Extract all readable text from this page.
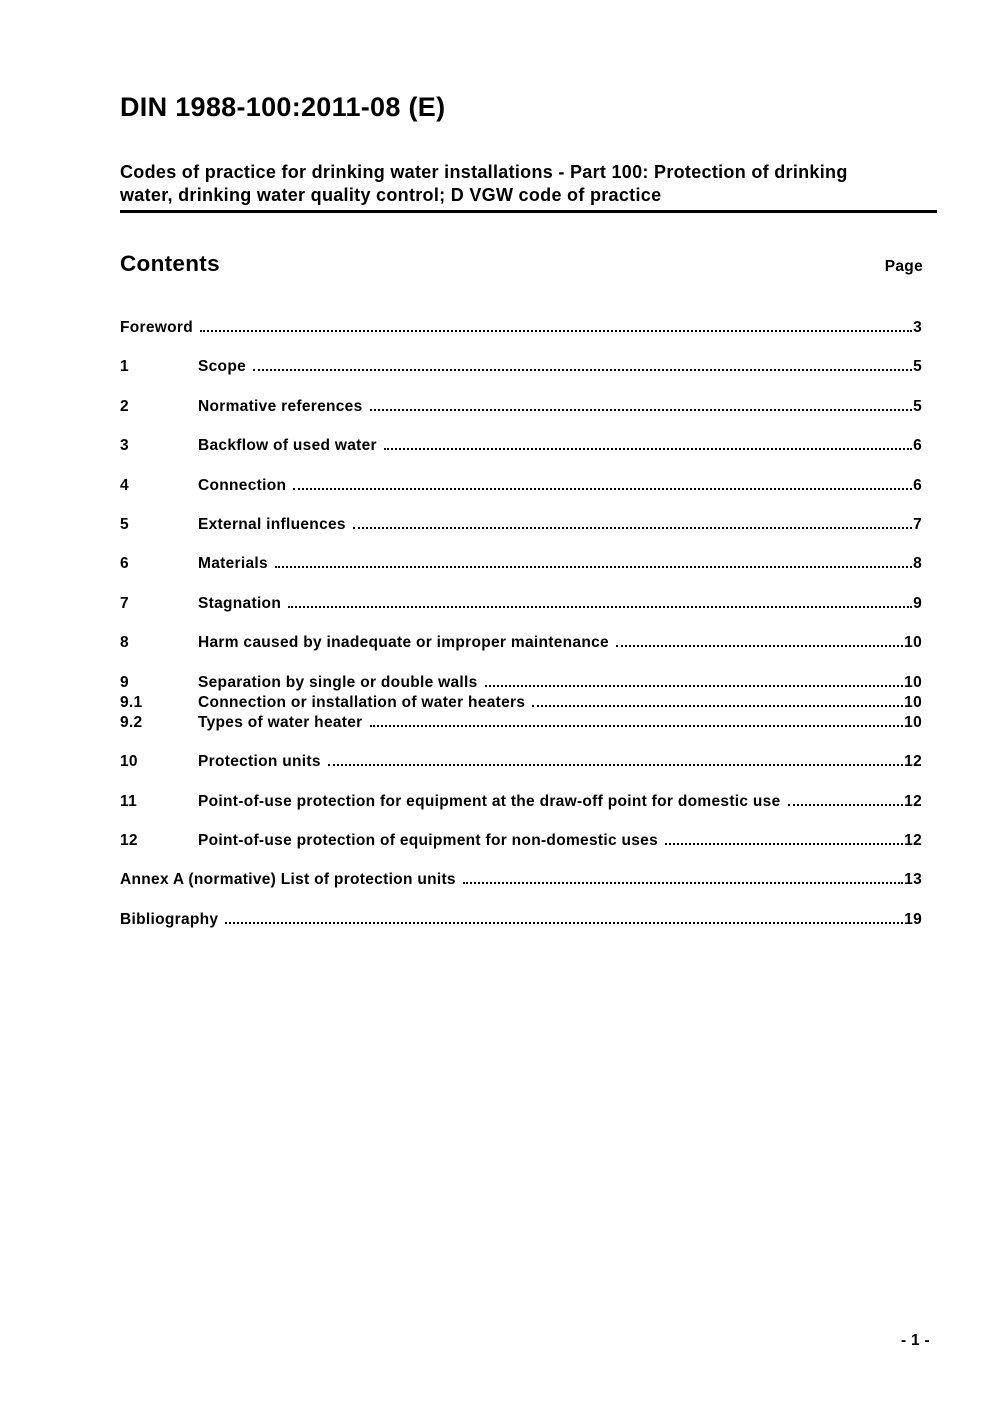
DIN 1988-100:2011-08 (E)
Codes of practice for drinking water installations - Part 100: Protection of drinking
water, drinking water quality control; D VGW code of practice
Contents	Page
Foreword	3
1	Scope	5
2	Normative references	5
3	Backflow of used water	6
4	Connection	6
5	External influences	7
6	Materials	8
7	Stagnation	9
8	Harm caused by inadequate or improper maintenance	10
9	Separation by single or double walls	10
9.1	Connection or installation of water heaters	10
9.2	Types of water heater	10
10	Protection units	12
11	Point-of-use protection for equipment at the draw-off point for domestic use	12
12	Point-of-use protection of equipment for non-domestic uses	12
Annex A (normative) List of protection units	13
Bibliography	19
- 1 -
